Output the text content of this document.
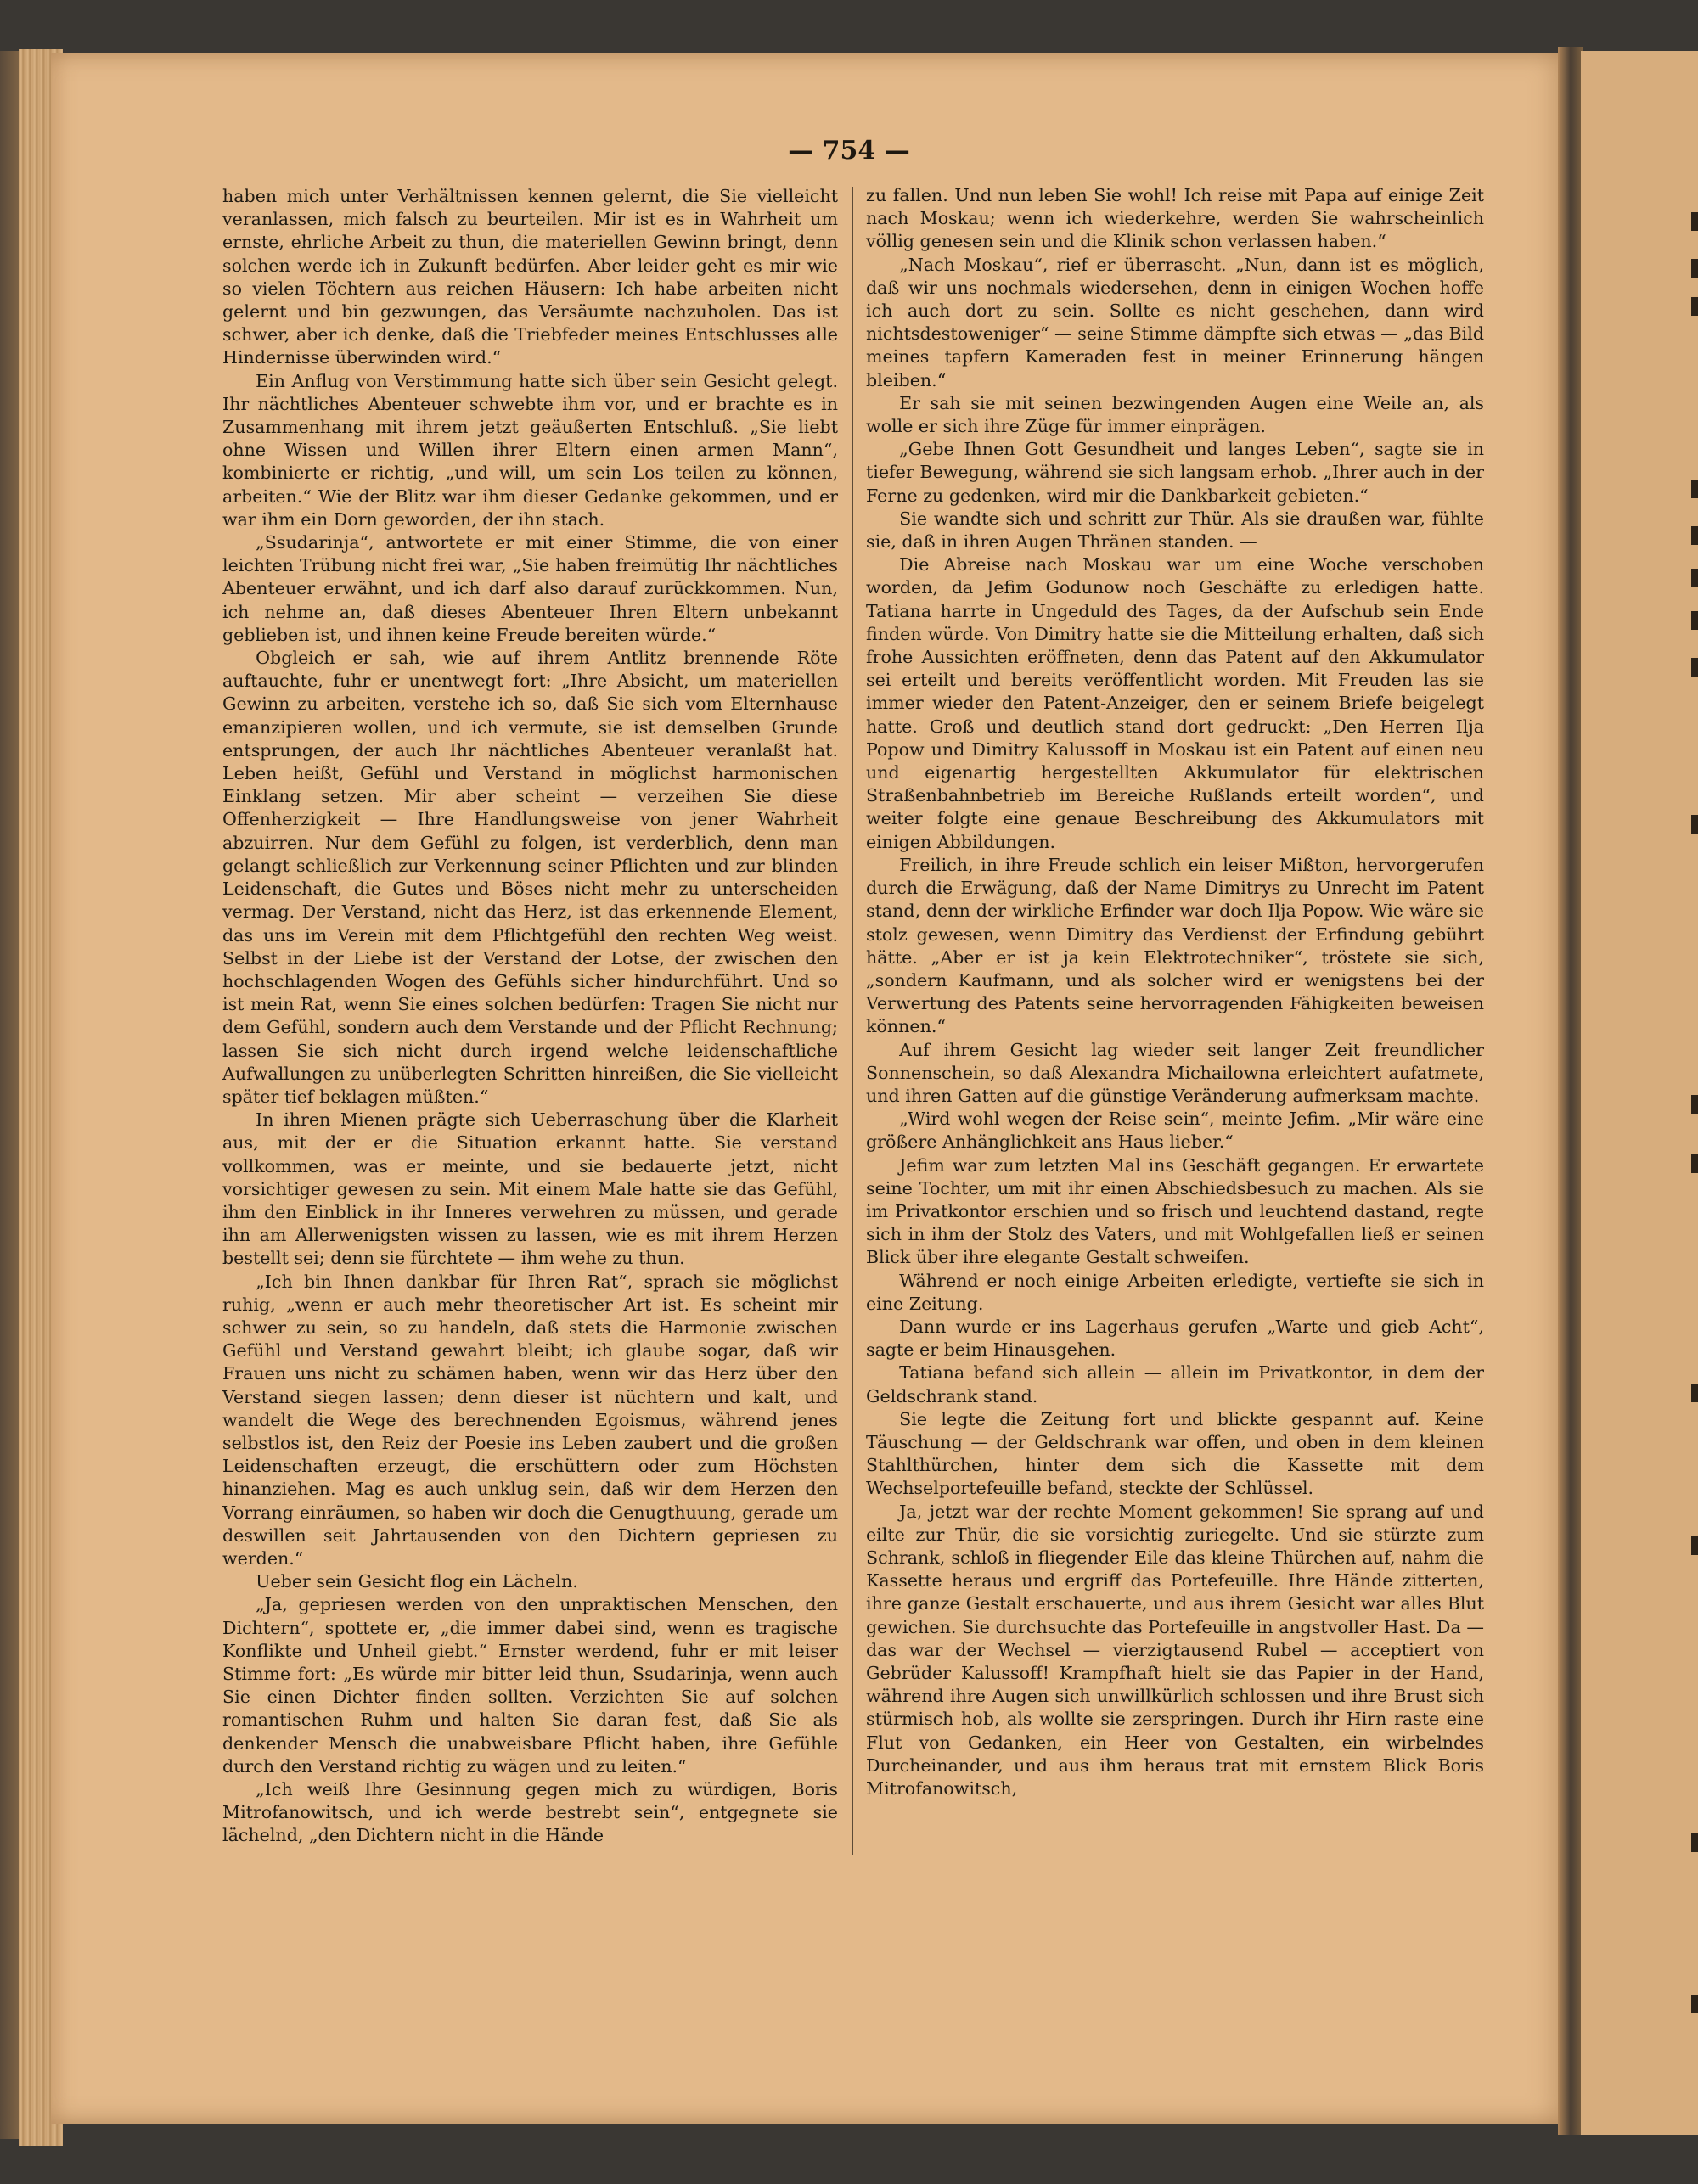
— 754 —

haben mich unter Verhältnissen kennen gelernt, die Sie vielleicht veranlassen, mich falsch zu beurteilen. Mir ist es in Wahrheit um ernste, ehrliche Arbeit zu thun, die materiellen Gewinn bringt, denn solchen werde ich in Zukunft bedürfen. Aber leider geht es mir wie so vielen Töchtern aus reichen Häusern: Ich habe arbeiten nicht gelernt und bin gezwungen, das Versäumte nachzuholen. Das ist schwer, aber ich denke, daß die Triebfeder meines Entschlusses alle Hindernisse überwinden wird.“

Ein Anflug von Verstimmung hatte sich über sein Gesicht gelegt. Ihr nächtliches Abenteuer schwebte ihm vor, und er brachte es in Zusammenhang mit ihrem jetzt geäußerten Entschluß. „Sie liebt ohne Wissen und Willen ihrer Eltern einen armen Mann“, kombinierte er richtig, „und will, um sein Los teilen zu können, arbeiten.“ Wie der Blitz war ihm dieser Gedanke gekommen, und er war ihm ein Dorn geworden, der ihn stach.

„Ssudarinja“, antwortete er mit einer Stimme, die von einer leichten Trübung nicht frei war, „Sie haben freimütig Ihr nächtliches Abenteuer erwähnt, und ich darf also darauf zurückkommen. Nun, ich nehme an, daß dieses Abenteuer Ihren Eltern unbekannt geblieben ist, und ihnen keine Freude bereiten würde.“

Obgleich er sah, wie auf ihrem Antlitz brennende Röte auftauchte, fuhr er unentwegt fort: „Ihre Absicht, um materiellen Gewinn zu arbeiten, verstehe ich so, daß Sie sich vom Elternhause emanzipieren wollen, und ich vermute, sie ist demselben Grunde entsprungen, der auch Ihr nächtliches Abenteuer veranlaßt hat. Leben heißt, Gefühl und Verstand in möglichst harmonischen Einklang setzen. Mir aber scheint — verzeihen Sie diese Offenherzigkeit — Ihre Handlungsweise von jener Wahrheit abzuirren. Nur dem Gefühl zu folgen, ist verderblich, denn man gelangt schließlich zur Verkennung seiner Pflichten und zur blinden Leidenschaft, die Gutes und Böses nicht mehr zu unterscheiden vermag. Der Verstand, nicht das Herz, ist das erkennende Element, das uns im Verein mit dem Pflichtgefühl den rechten Weg weist. Selbst in der Liebe ist der Verstand der Lotse, der zwischen den hochschlagenden Wogen des Gefühls sicher hindurchführt. Und so ist mein Rat, wenn Sie eines solchen bedürfen: Tragen Sie nicht nur dem Gefühl, sondern auch dem Verstande und der Pflicht Rechnung; lassen Sie sich nicht durch irgend welche leidenschaftliche Aufwallungen zu unüberlegten Schritten hinreißen, die Sie vielleicht später tief beklagen müßten.“

In ihren Mienen prägte sich Ueberraschung über die Klarheit aus, mit der er die Situation erkannt hatte. Sie verstand vollkommen, was er meinte, und sie bedauerte jetzt, nicht vorsichtiger gewesen zu sein. Mit einem Male hatte sie das Gefühl, ihm den Einblick in ihr Inneres verwehren zu müssen, und gerade ihn am Allerwenigsten wissen zu lassen, wie es mit ihrem Herzen bestellt sei; denn sie fürchtete — ihm wehe zu thun.

„Ich bin Ihnen dankbar für Ihren Rat“, sprach sie möglichst ruhig, „wenn er auch mehr theoretischer Art ist. Es scheint mir schwer zu sein, so zu handeln, daß stets die Harmonie zwischen Gefühl und Verstand gewahrt bleibt; ich glaube sogar, daß wir Frauen uns nicht zu schämen haben, wenn wir das Herz über den Verstand siegen lassen; denn dieser ist nüchtern und kalt, und wandelt die Wege des berechnenden Egoismus, während jenes selbstlos ist, den Reiz der Poesie ins Leben zaubert und die großen Leidenschaften erzeugt, die erschüttern oder zum Höchsten hinanziehen. Mag es auch unklug sein, daß wir dem Herzen den Vorrang einräumen, so haben wir doch die Genugthuung, gerade um deswillen seit Jahrtausenden von den Dichtern gepriesen zu werden.“

Ueber sein Gesicht flog ein Lächeln.

„Ja, gepriesen werden von den unpraktischen Menschen, den Dichtern“, spottete er, „die immer dabei sind, wenn es tragische Konflikte und Unheil giebt.“ Ernster werdend, fuhr er mit leiser Stimme fort: „Es würde mir bitter leid thun, Ssudarinja, wenn auch Sie einen Dichter finden sollten. Verzichten Sie auf solchen romantischen Ruhm und halten Sie daran fest, daß Sie als denkender Mensch die unabweisbare Pflicht haben, ihre Gefühle durch den Verstand richtig zu wägen und zu leiten.“

„Ich weiß Ihre Gesinnung gegen mich zu würdigen, Boris Mitrofanowitsch, und ich werde bestrebt sein“, entgegnete sie lächelnd, „den Dichtern nicht in die Hände

zu fallen. Und nun leben Sie wohl! Ich reise mit Papa auf einige Zeit nach Moskau; wenn ich wiederkehre, werden Sie wahrscheinlich völlig genesen sein und die Klinik schon verlassen haben.“

„Nach Moskau“, rief er überrascht. „Nun, dann ist es möglich, daß wir uns nochmals wiedersehen, denn in einigen Wochen hoffe ich auch dort zu sein. Sollte es nicht geschehen, dann wird nichtsdestoweniger“ — seine Stimme dämpfte sich etwas — „das Bild meines tapfern Kameraden fest in meiner Erinnerung hängen bleiben.“

Er sah sie mit seinen bezwingenden Augen eine Weile an, als wolle er sich ihre Züge für immer einprägen.

„Gebe Ihnen Gott Gesundheit und langes Leben“, sagte sie in tiefer Bewegung, während sie sich langsam erhob. „Ihrer auch in der Ferne zu gedenken, wird mir die Dankbarkeit gebieten.“

Sie wandte sich und schritt zur Thür. Als sie draußen war, fühlte sie, daß in ihren Augen Thränen standen. —

Die Abreise nach Moskau war um eine Woche verschoben worden, da Jefim Godunow noch Geschäfte zu erledigen hatte. Tatiana harrte in Ungeduld des Tages, da der Aufschub sein Ende finden würde. Von Dimitry hatte sie die Mitteilung erhalten, daß sich frohe Aussichten eröffneten, denn das Patent auf den Akkumulator sei erteilt und bereits veröffentlicht worden. Mit Freuden las sie immer wieder den Patent-Anzeiger, den er seinem Briefe beigelegt hatte. Groß und deutlich stand dort gedruckt: „Den Herren Ilja Popow und Dimitry Kalussoff in Moskau ist ein Patent auf einen neu und eigenartig hergestellten Akkumulator für elektrischen Straßenbahnbetrieb im Bereiche Rußlands erteilt worden“, und weiter folgte eine genaue Beschreibung des Akkumulators mit einigen Abbildungen.

Freilich, in ihre Freude schlich ein leiser Mißton, hervorgerufen durch die Erwägung, daß der Name Dimitrys zu Unrecht im Patent stand, denn der wirkliche Erfinder war doch Ilja Popow. Wie wäre sie stolz gewesen, wenn Dimitry das Verdienst der Erfindung gebührt hätte. „Aber er ist ja kein Elektrotechniker“, tröstete sie sich, „sondern Kaufmann, und als solcher wird er wenigstens bei der Verwertung des Patents seine hervorragenden Fähigkeiten beweisen können.“

Auf ihrem Gesicht lag wieder seit langer Zeit freundlicher Sonnenschein, so daß Alexandra Michailowna erleichtert aufatmete, und ihren Gatten auf die günstige Veränderung aufmerksam machte.

„Wird wohl wegen der Reise sein“, meinte Jefim. „Mir wäre eine größere Anhänglichkeit ans Haus lieber.“

Jefim war zum letzten Mal ins Geschäft gegangen. Er erwartete seine Tochter, um mit ihr einen Abschiedsbesuch zu machen. Als sie im Privatkontor erschien und so frisch und leuchtend dastand, regte sich in ihm der Stolz des Vaters, und mit Wohlgefallen ließ er seinen Blick über ihre elegante Gestalt schweifen.

Während er noch einige Arbeiten erledigte, vertiefte sie sich in eine Zeitung.

Dann wurde er ins Lagerhaus gerufen „Warte und gieb Acht“, sagte er beim Hinausgehen.

Tatiana befand sich allein — allein im Privatkontor, in dem der Geldschrank stand.

Sie legte die Zeitung fort und blickte gespannt auf. Keine Täuschung — der Geldschrank war offen, und oben in dem kleinen Stahlthürchen, hinter dem sich die Kassette mit dem Wechselportefeuille befand, steckte der Schlüssel.

Ja, jetzt war der rechte Moment gekommen! Sie sprang auf und eilte zur Thür, die sie vorsichtig zuriegelte. Und sie stürzte zum Schrank, schloß in fliegender Eile das kleine Thürchen auf, nahm die Kassette heraus und ergriff das Portefeuille. Ihre Hände zitterten, ihre ganze Gestalt erschauerte, und aus ihrem Gesicht war alles Blut gewichen. Sie durchsuchte das Portefeuille in angstvoller Hast. Da — das war der Wechsel — vierzigtausend Rubel — acceptiert von Gebrüder Kalussoff! Krampfhaft hielt sie das Papier in der Hand, während ihre Augen sich unwillkürlich schlossen und ihre Brust sich stürmisch hob, als wollte sie zerspringen. Durch ihr Hirn raste eine Flut von Gedanken, ein Heer von Gestalten, ein wirbelndes Durcheinander, und aus ihm heraus trat mit ernstem Blick Boris Mitrofanowitsch,
